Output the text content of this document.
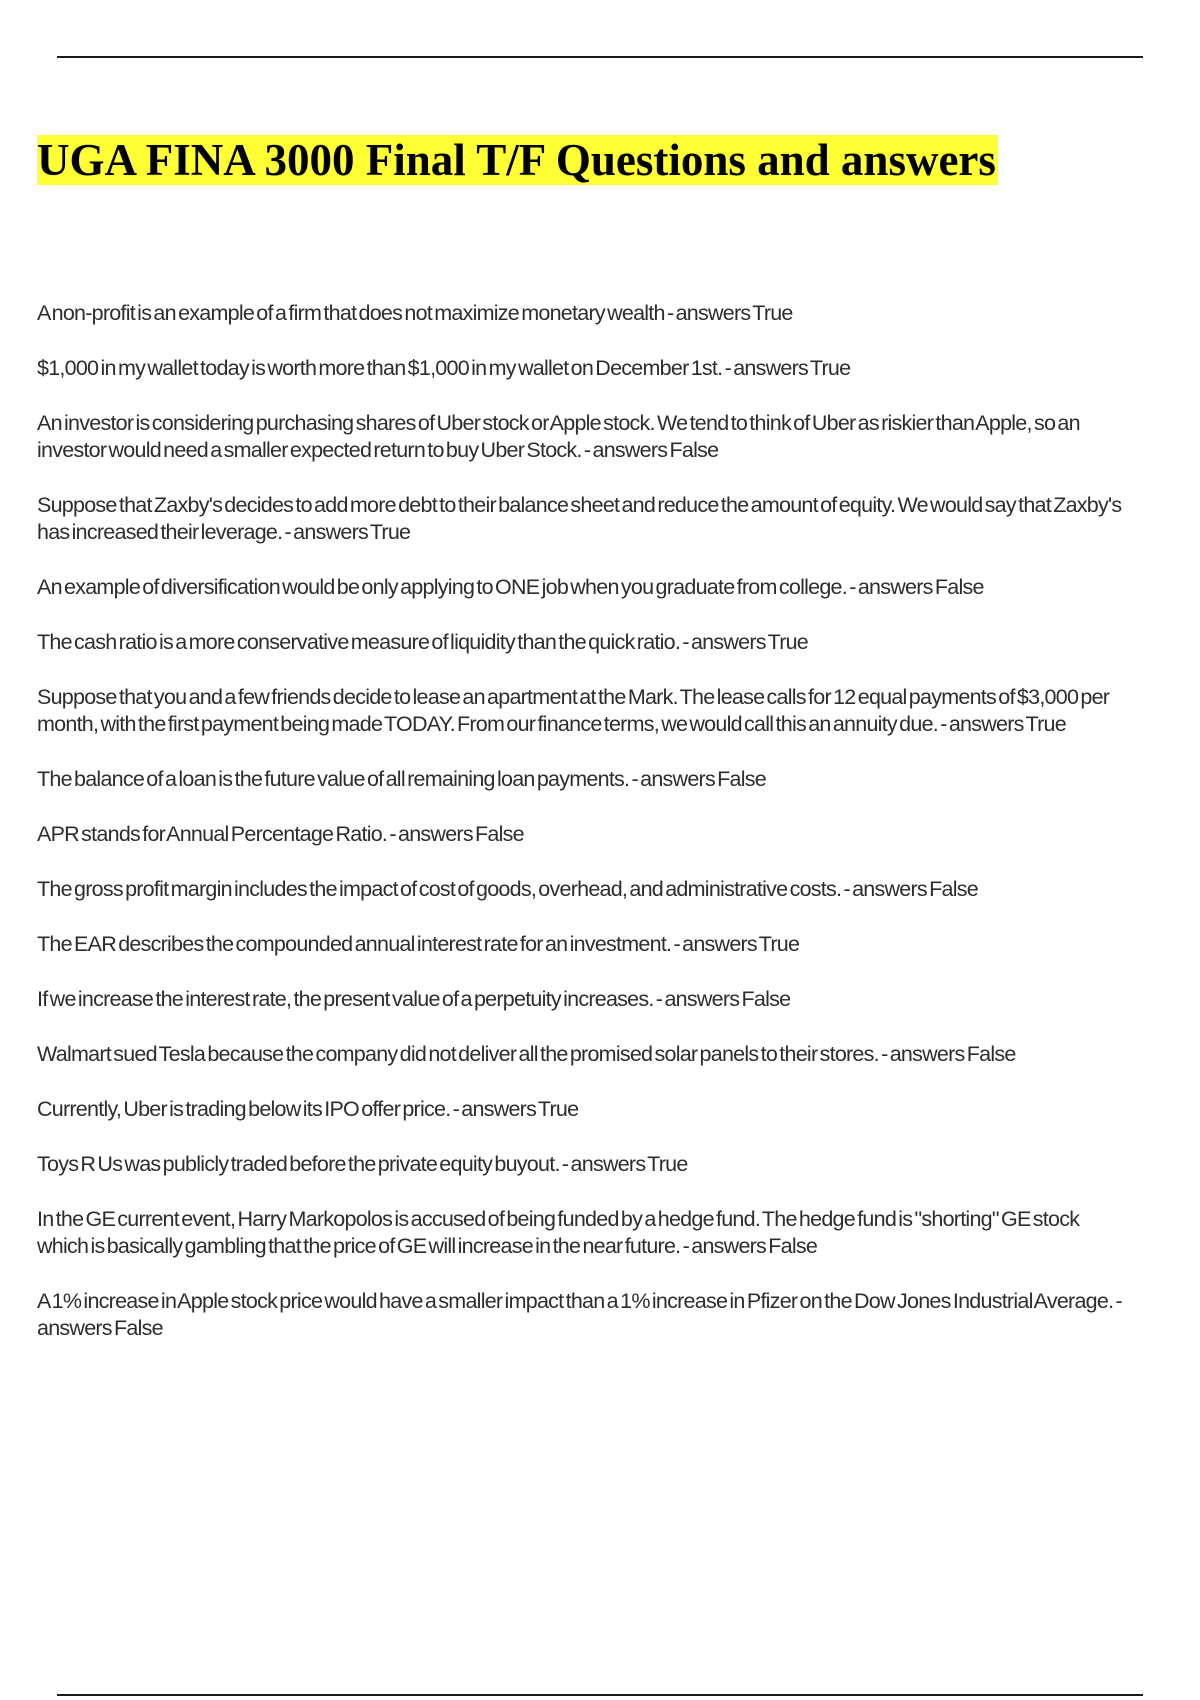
UGA FINA 3000 Final T/F Questions and answers
A non-profit is an example of a firm that does not maximize monetary wealth - answers True
$1,000 in my wallet today is worth more than $1,000 in my wallet on December 1st. - answers True
An investor is considering purchasing shares of Uber stock or Apple stock. We tend to think of Uber as riskier than Apple, so an investor would need a smaller expected return to buy Uber Stock. - answers False
Suppose that Zaxby's decides to add more debt to their balance sheet and reduce the amount of equity. We would say that Zaxby's has increased their leverage. - answers True
An example of diversification would be only applying to ONE job when you graduate from college. - answers False
The cash ratio is a more conservative measure of liquidity than the quick ratio. - answers True
Suppose that you and a few friends decide to lease an apartment at the Mark. The lease calls for 12 equal payments of $3,000 per month, with the first payment being made TODAY. From our finance terms, we would call this an annuity due. - answers True
The balance of a loan is the future value of all remaining loan payments. - answers False
APR stands for Annual Percentage Ratio. - answers False
The gross profit margin includes the impact of cost of goods, overhead, and administrative costs. - answers False
The EAR describes the compounded annual interest rate for an investment. - answers True
If we increase the interest rate, the present value of a perpetuity increases. - answers False
Walmart sued Tesla because the company did not deliver all the promised solar panels to their stores. - answers False
Currently, Uber is trading below its IPO offer price. - answers True
Toys R Us was publicly traded before the private equity buyout. - answers True
In the GE current event, Harry Markopolos is accused of being funded by a hedge fund. The hedge fund is "shorting" GE stock which is basically gambling that the price of GE will increase in the near future. - answers False
A 1% increase in Apple stock price would have a smaller impact than a 1% increase in Pfizer on the Dow Jones Industrial Average. - answers False
